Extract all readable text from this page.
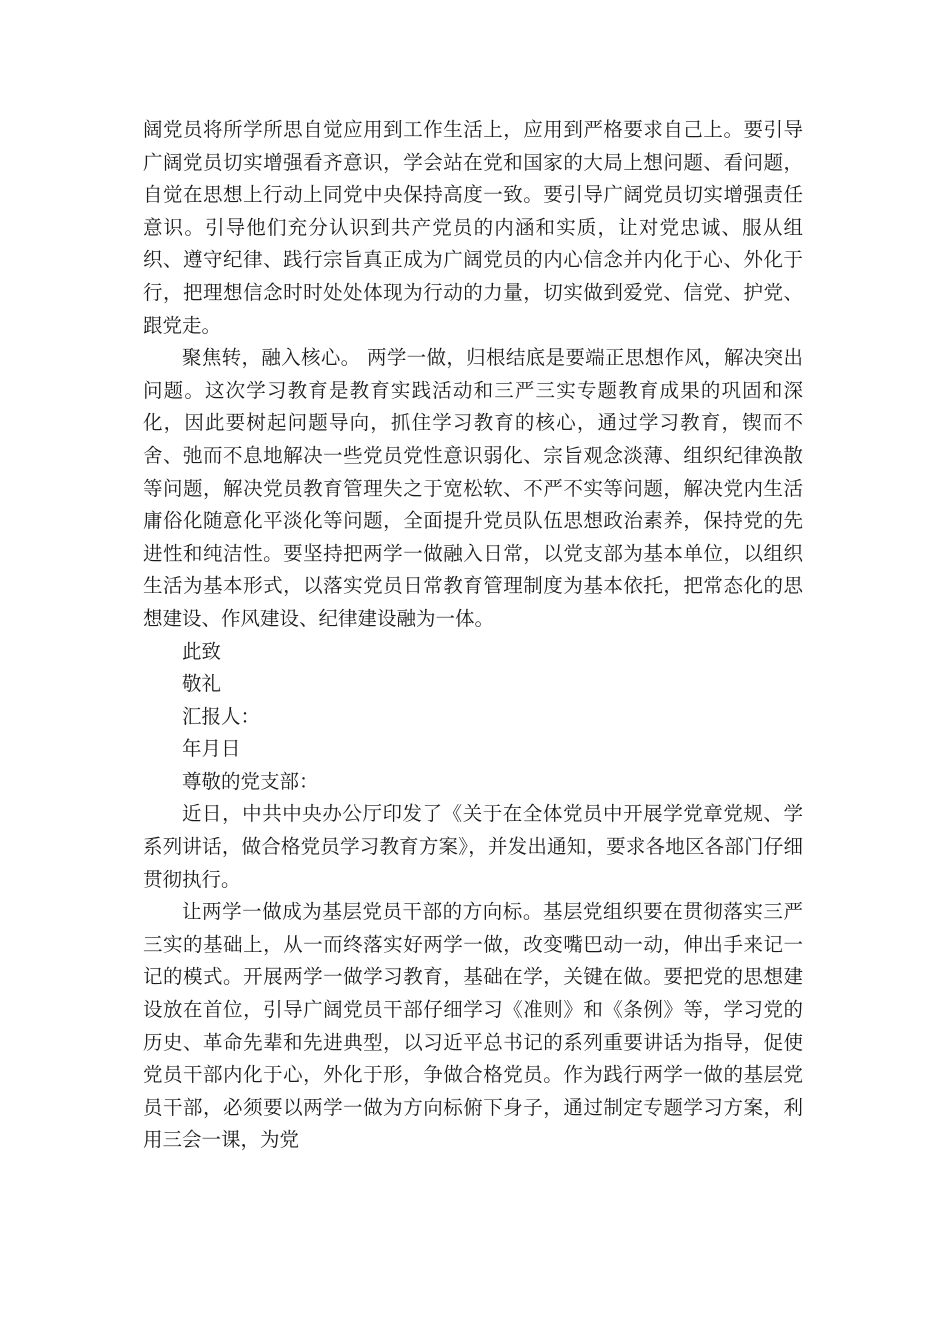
阔党员将所学所思自觉应用到工作生活上，应用到严格要求自己上。要引导广阔党员切实增强看齐意识，学会站在党和国家的大局上想问题、看问题，自觉在思想上行动上同党中央保持高度一致。要引导广阔党员切实增强责任意识。引导他们充分认识到共产党员的内涵和实质，让对党忠诚、服从组织、遵守纪律、践行宗旨真正成为广阔党员的内心信念并内化于心、外化于行，把理想信念时时处处体现为行动的力量，切实做到爱党、信党、护党、跟党走。

聚焦转，融入核心。 两学一做，归根结底是要端正思想作风，解决突出问题。这次学习教育是教育实践活动和三严三实专题教育成果的巩固和深化，因此要树起问题导向，抓住学习教育的核心，通过学习教育，锲而不舍、弛而不息地解决一些党员党性意识弱化、宗旨观念淡薄、组织纪律涣散等问题，解决党员教育管理失之于宽松软、不严不实等问题，解决党内生活庸俗化随意化平淡化等问题，全面提升党员队伍思想政治素养，保持党的先进性和纯洁性。要坚持把两学一做融入日常，以党支部为基本单位，以组织生活为基本形式，以落实党员日常教育管理制度为基本依托，把常态化的思想建设、作风建设、纪律建设融为一体。

此致

敬礼

汇报人：

年月日

尊敬的党支部：

近日，中共中央办公厅印发了《关于在全体党员中开展学党章党规、学系列讲话，做合格党员学习教育方案》，并发出通知，要求各地区各部门仔细贯彻执行。

让两学一做成为基层党员干部的方向标。基层党组织要在贯彻落实三严三实的基础上，从一而终落实好两学一做，改变嘴巴动一动，伸出手来记一记的模式。开展两学一做学习教育，基础在学，关键在做。要把党的思想建设放在首位，引导广阔党员干部仔细学习《准则》和《条例》等，学习党的历史、革命先辈和先进典型，以习近平总书记的系列重要讲话为指导，促使党员干部内化于心，外化于形，争做合格党员。作为践行两学一做的基层党员干部，必须要以两学一做为方向标俯下身子，通过制定专题学习方案，利用三会一课，为党
